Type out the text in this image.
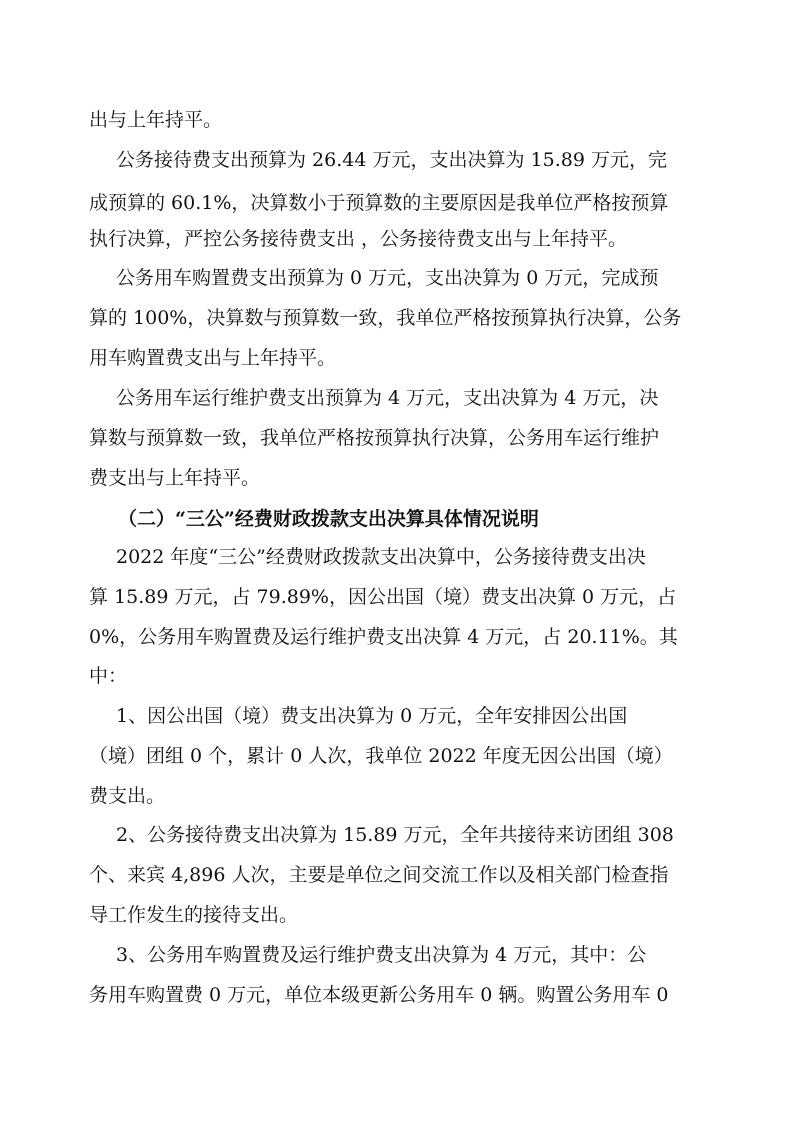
出与上年持平。
公务接待费支出预算为 26.44 万元，支出决算为 15.89 万元，完
成预算的 60.1%，决算数小于预算数的主要原因是我单位严格按预算
执行决算，严控公务接待费支出 ，公务接待费支出与上年持平。
公务用车购置费支出预算为 0 万元，支出决算为 0 万元，完成预
算的 100%，决算数与预算数一致，我单位严格按预算执行决算，公务
用车购置费支出与上年持平。
公务用车运行维护费支出预算为 4 万元，支出决算为 4 万元，决
算数与预算数一致，我单位严格按预算执行决算，公务用车运行维护
费支出与上年持平。
（二）“三公”经费财政拨款支出决算具体情况说明
2022 年度“三公”经费财政拨款支出决算中，公务接待费支出决
算 15.89 万元，占 79.89%，因公出国（境）费支出决算 0 万元，占
0%，公务用车购置费及运行维护费支出决算 4 万元，占 20.11%。其
中：
1、因公出国（境）费支出决算为 0 万元，全年安排因公出国
（境）团组 0 个，累计 0 人次，我单位 2022 年度无因公出国（境）
费支出。
2、公务接待费支出决算为 15.89 万元，全年共接待来访团组 308
个、来宾 4,896 人次，主要是单位之间交流工作以及相关部门检查指
导工作发生的接待支出。
3、公务用车购置费及运行维护费支出决算为 4 万元，其中：公
务用车购置费 0 万元，单位本级更新公务用车 0 辆。购置公务用车 0
